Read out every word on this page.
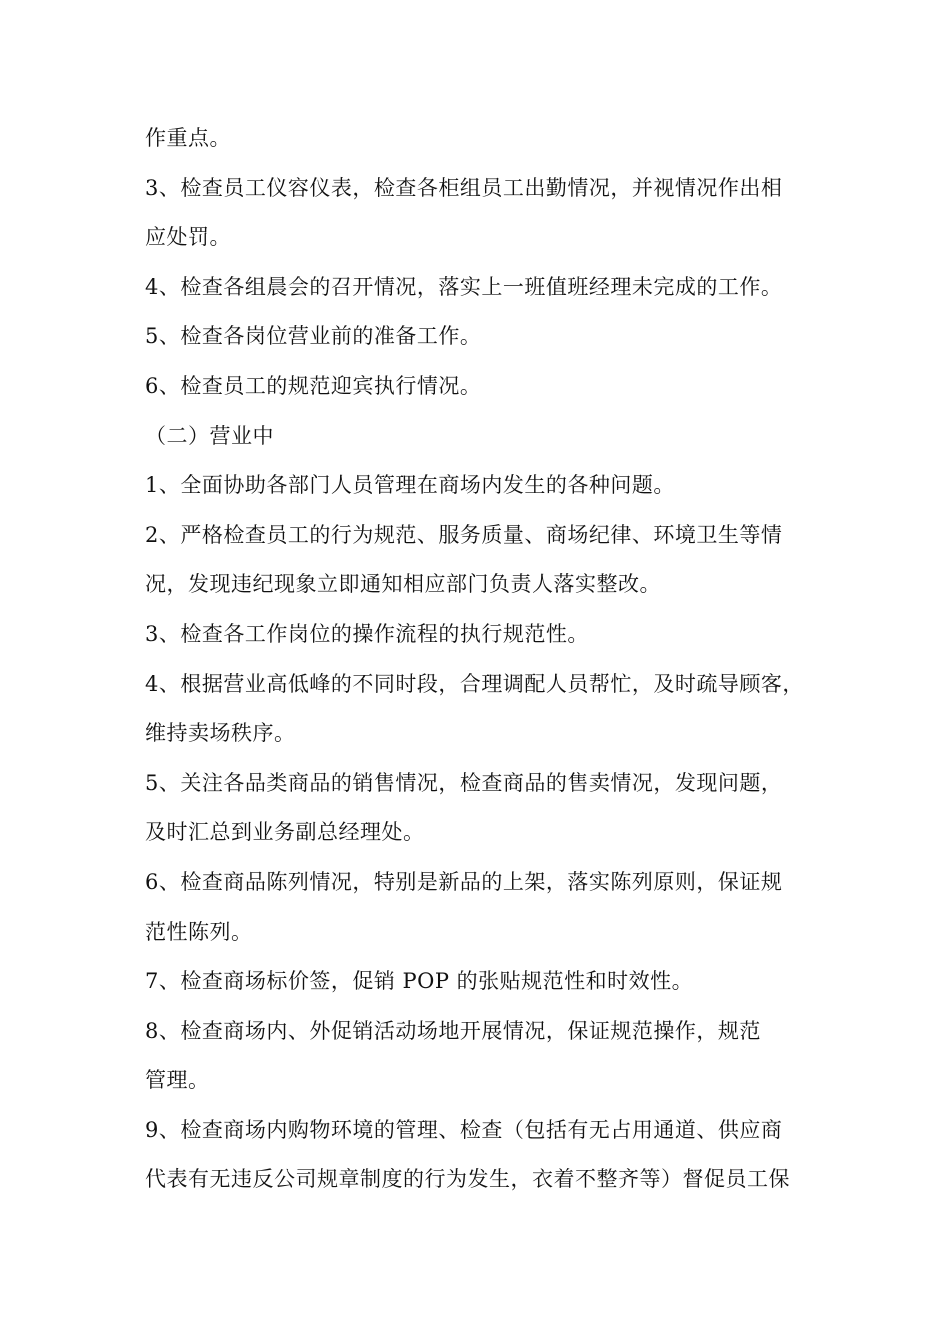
作重点。
3、检查员工仪容仪表，检查各柜组员工出勤情况，并视情况作出相
应处罚。
4、检查各组晨会的召开情况，落实上一班值班经理未完成的工作。
5、检查各岗位营业前的准备工作。
6、检查员工的规范迎宾执行情况。
（二）营业中
1、全面协助各部门人员管理在商场内发生的各种问题。
2、严格检查员工的行为规范、服务质量、商场纪律、环境卫生等情
况，发现违纪现象立即通知相应部门负责人落实整改。
3、检查各工作岗位的操作流程的执行规范性。
4、根据营业高低峰的不同时段，合理调配人员帮忙，及时疏导顾客，
维持卖场秩序。
5、关注各品类商品的销售情况，检查商品的售卖情况，发现问题，
及时汇总到业务副总经理处。
6、检查商品陈列情况，特别是新品的上架，落实陈列原则，保证规
范性陈列。
7、检查商场标价签，促销 POP 的张贴规范性和时效性。
8、检查商场内、外促销活动场地开展情况，保证规范操作，规范
管理。
9、检查商场内购物环境的管理、检查（包括有无占用通道、供应商
代表有无违反公司规章制度的行为发生，衣着不整齐等）督促员工保
